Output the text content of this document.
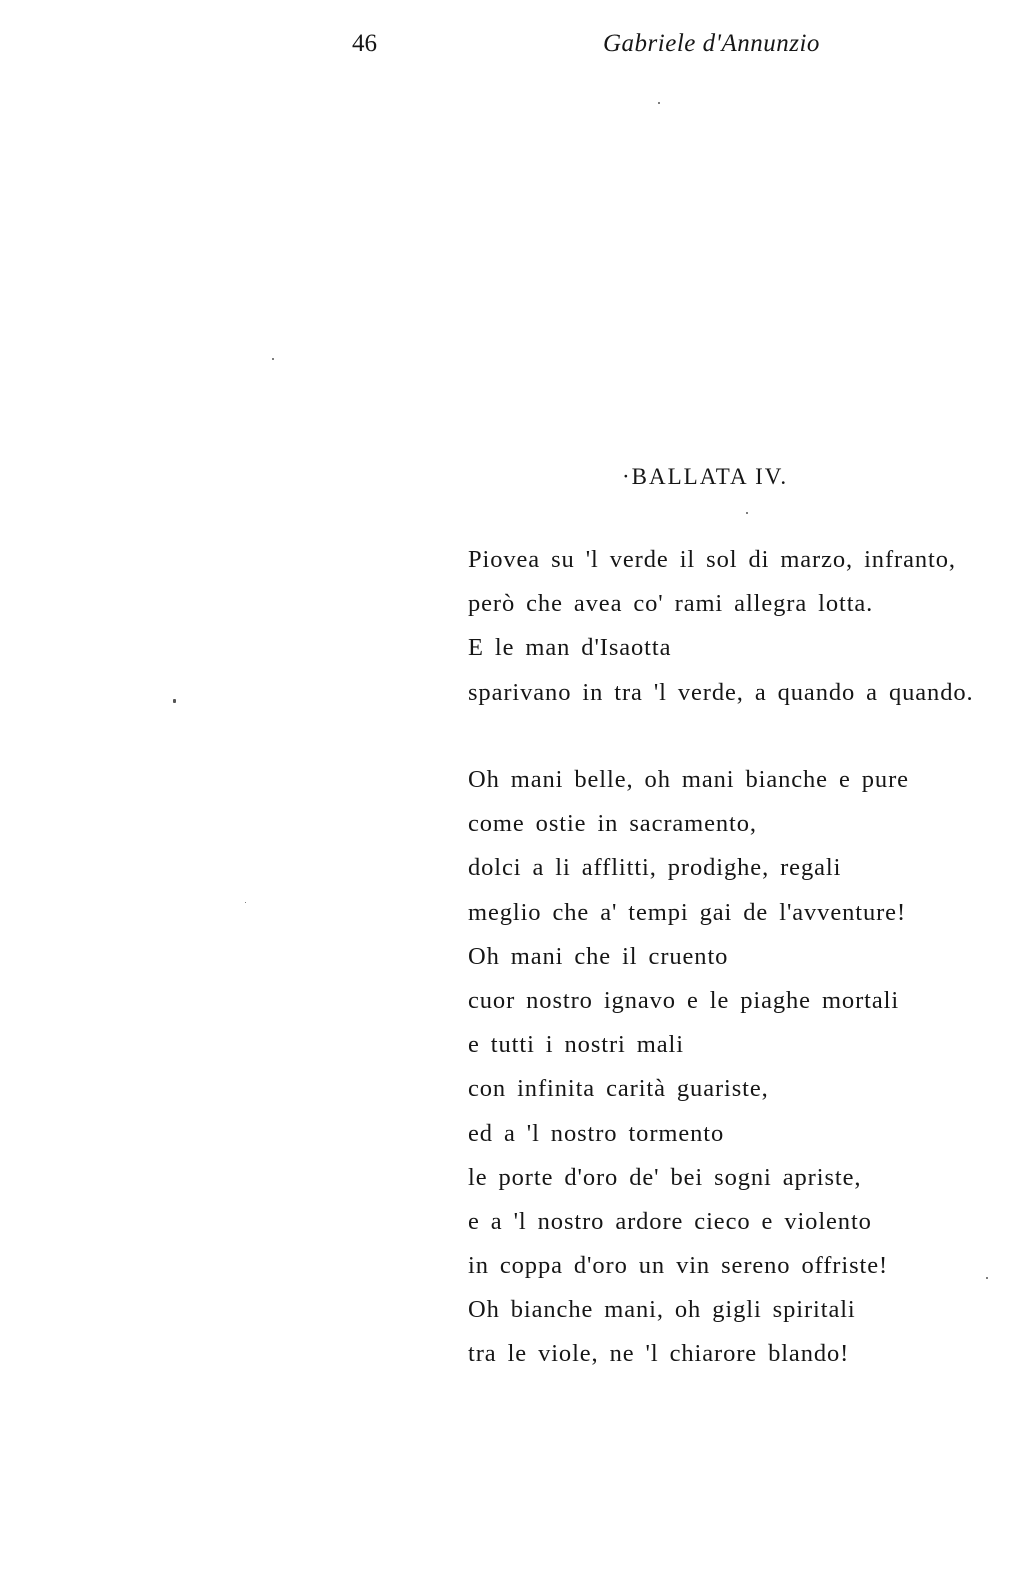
46	Gabriele d'Annunzio
·BALLATA IV.
Piovea su 'l verde il sol di marzo, infranto,
però che avea co' rami allegra lotta.
E le man d'Isaotta
sparivano in tra 'l verde, a quando a quando.
Oh mani belle, oh mani bianche e pure
come ostie in sacramento,
dolci a li afflitti, prodighe, regali
meglio che a' tempi gai de l'avventure!
Oh mani che il cruento
cuor nostro ignavo e le piaghe mortali
e tutti i nostri mali
con infinita carità guariste,
ed a 'l nostro tormento
le porte d'oro de' bei sogni apriste,
e a 'l nostro ardore cieco e violento
in coppa d'oro un vin sereno offriste!
Oh bianche mani, oh gigli spiritali
tra le viole, ne 'l chiarore blando!
